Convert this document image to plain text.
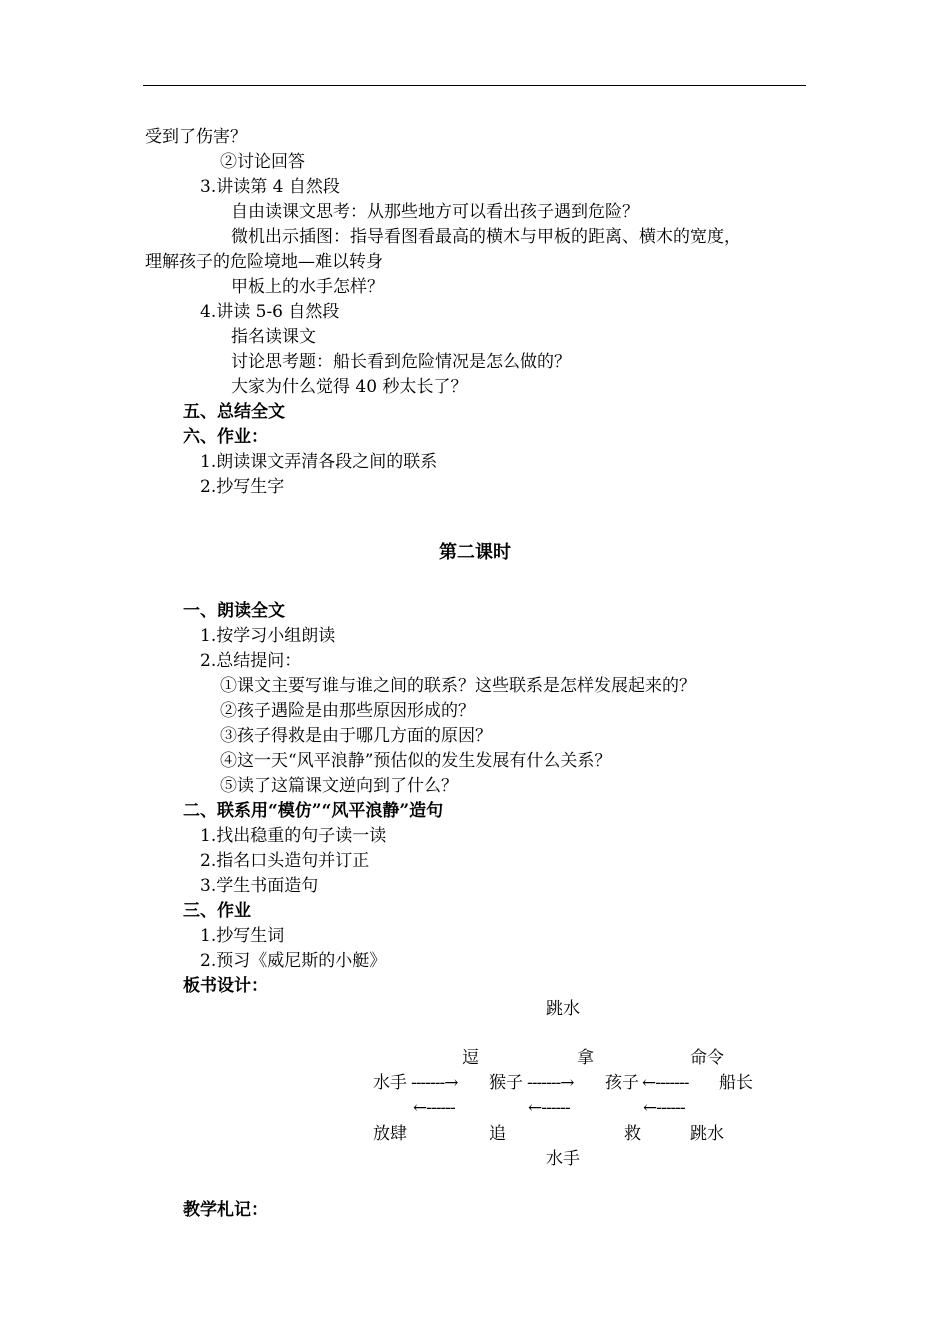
受到了伤害？
②讨论回答
3.讲读第 4 自然段
自由读课文思考：从那些地方可以看出孩子遇到危险？
微机出示插图：指导看图看最高的横木与甲板的距离、横木的宽度，
理解孩子的危险境地—难以转身
甲板上的水手怎样？
4.讲读 5-6 自然段
指名读课文
讨论思考题：船长看到危险情况是怎么做的？
大家为什么觉得 40 秒太长了？
五、总结全文
六、作业：
1.朗读课文弄清各段之间的联系
2.抄写生字
第二课时
一、朗读全文
1.按学习小组朗读
2.总结提问：
①课文主要写谁与谁之间的联系？这些联系是怎样发展起来的？
②孩子遇险是由那些原因形成的？
③孩子得救是由于哪几方面的原因？
④这一天“风平浪静”预估似的发生发展有什么关系？
⑤读了这篇课文逆向到了什么？
二、联系用“模仿”“风平浪静”造句
1.找出稳重的句子读一读
2.指名口头造句并订正
3.学生书面造句
三、作业
1.抄写生词
2.预习《威尼斯的小艇》
板书设计：
跳水
逗	拿	命令
水手 -------→ 猴子 -------→ 孩子 ←------- 船长
←------	←------	←------
放肆	追	救	跳水
水手
教学札记：
